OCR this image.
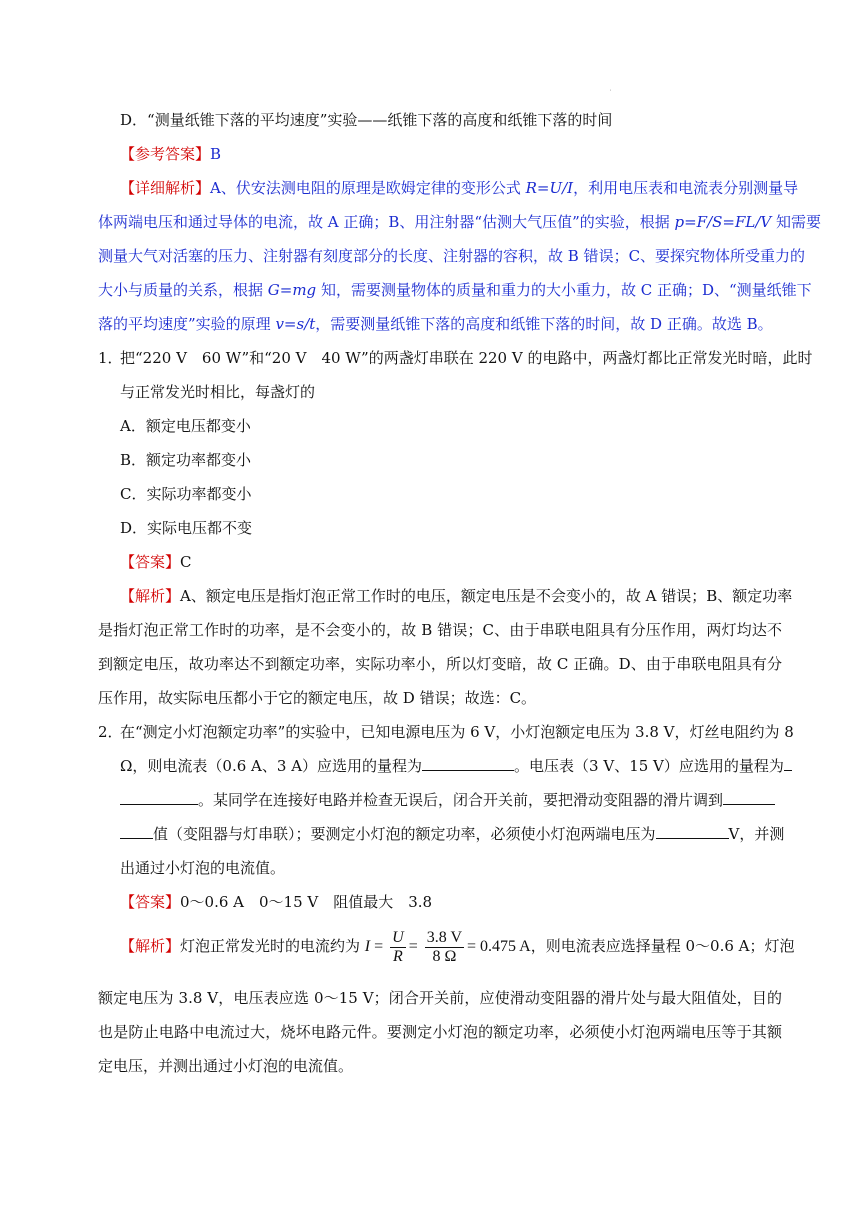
'
D．“测量纸锥下落的平均速度”实验——纸锥下落的高度和纸锥下落的时间
【参考答案】B
【详细解析】A、伏安法测电阻的原理是欧姆定律的变形公式 R=U/I，利用电压表和电流表分别测量导
体两端电压和通过导体的电流，故 A 正确；B、用注射器“估测大气压值”的实验，根据 p=F/S=FL/V 知需要
测量大气对活塞的压力、注射器有刻度部分的长度、注射器的容积，故 B 错误；C、要探究物体所受重力的
大小与质量的关系，根据 G=mg 知，需要测量物体的质量和重力的大小重力，故 C 正确；D、“测量纸锥下
落的平均速度”实验的原理 v=s/t，需要测量纸锥下落的高度和纸锥下落的时间，故 D 正确。故选 B。
1．把“220 V　60 W”和“20 V　40 W”的两盏灯串联在 220 V 的电路中，两盏灯都比正常发光时暗，此时
与正常发光时相比，每盏灯的
A．额定电压都变小
B．额定功率都变小
C．实际功率都变小
D．实际电压都不变
【答案】C
【解析】A、额定电压是指灯泡正常工作时的电压，额定电压是不会变小的，故 A 错误；B、额定功率
是指灯泡正常工作时的功率，是不会变小的，故 B 错误；C、由于串联电阻具有分压作用，两灯均达不
到额定电压，故功率达不到额定功率，实际功率小，所以灯变暗，故 C 正确。D、由于串联电阻具有分
压作用，故实际电压都小于它的额定电压，故 D 错误；故选：C。
2．在“测定小灯泡额定功率”的实验中，已知电源电压为 6 V，小灯泡额定电压为 3.8 V，灯丝电阻约为 8
Ω，则电流表（0.6 A、3 A）应选用的量程为	。电压表（3 V、15 V）应选用的量程为
。某同学在连接好电路并检查无误后，闭合开关前，要把滑动变阻器的滑片调到
值（变阻器与灯串联）；要测定小灯泡的额定功率，必须使小灯泡两端电压为	V，并测
出通过小灯泡的电流值。
【答案】0～0.6 A　0～15 V　阻值最大　3.8
【解析】灯泡正常发光时的电流约为 $I = \frac{U}{R} = \frac{3.8 V}{8 \Omega} = 0.475$ A，则电流表应选择量程 0～0.6 A；灯泡
额定电压为 3.8 V，电压表应选 0～15 V；闭合开关前，应使滑动变阻器的滑片处与最大阻值处，目的
也是防止电路中电流过大，烧坏电路元件。要测定小灯泡的额定功率，必须使小灯泡两端电压等于其额
定电压，并测出通过小灯泡的电流值。
